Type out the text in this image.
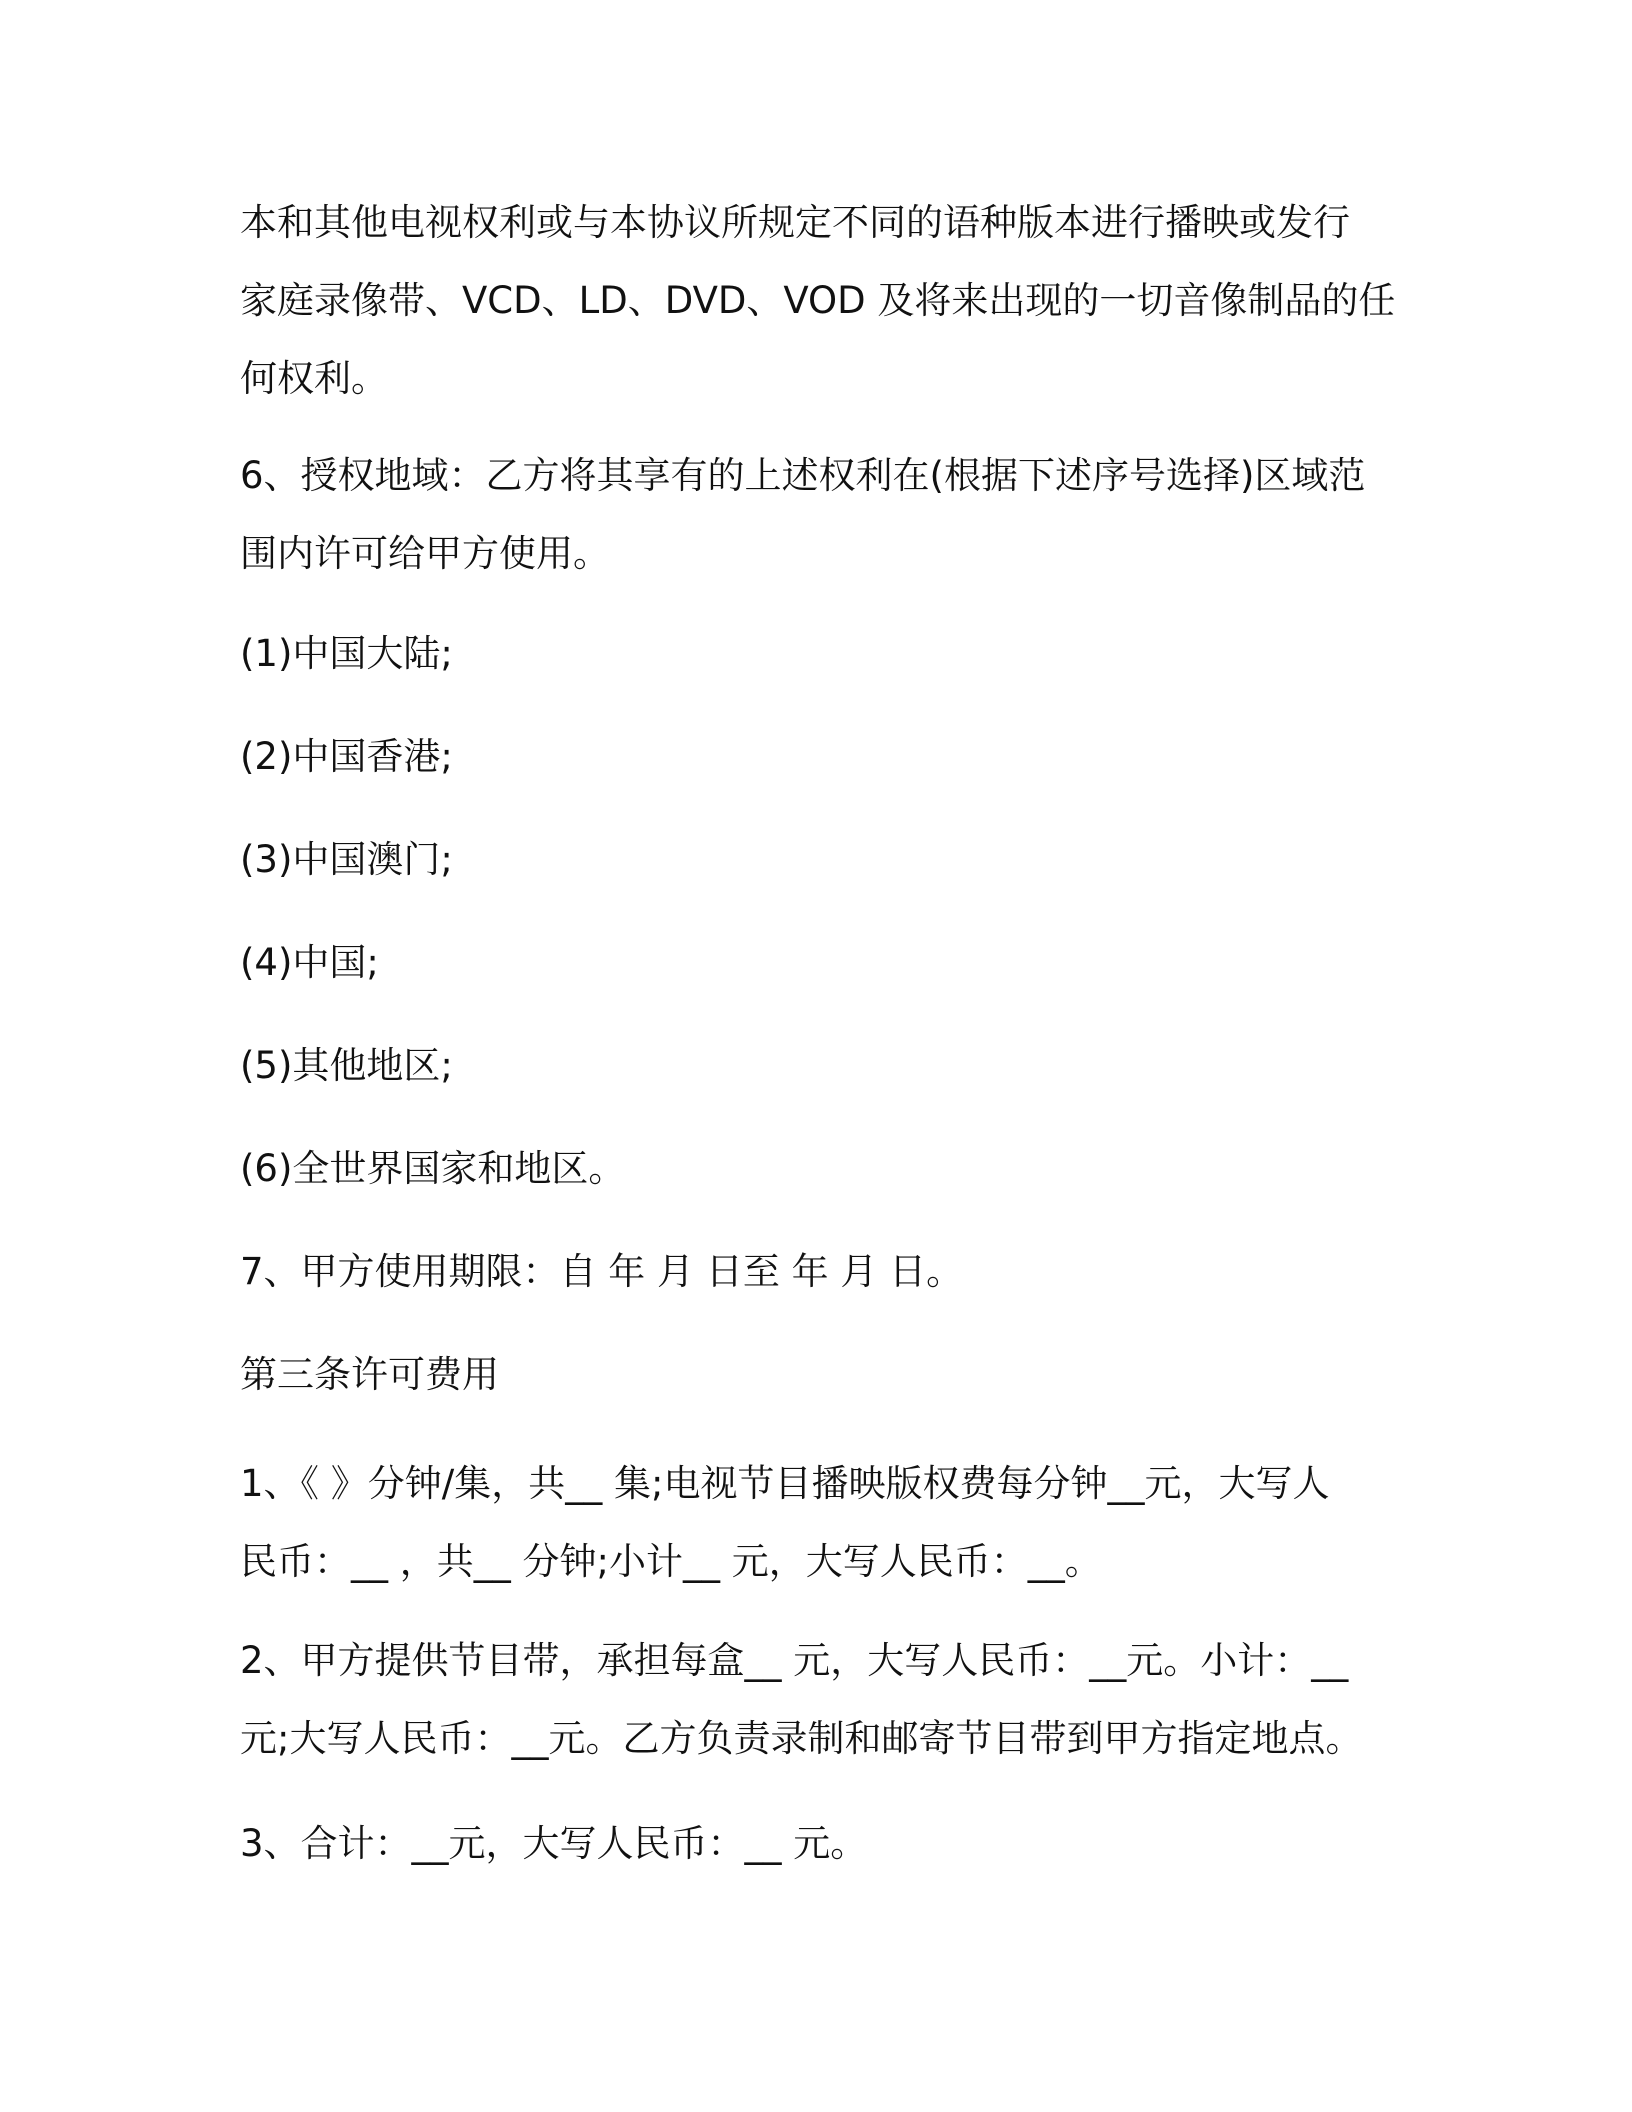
本和其他电视权利或与本协议所规定不同的语种版本进行播映或发行
家庭录像带、VCD、LD、DVD、VOD 及将来出现的一切音像制品的任
何权利。

6、授权地域：乙方将其享有的上述权利在(根据下述序号选择)区域范
围内许可给甲方使用。

(1)中国大陆;

(2)中国香港;

(3)中国澳门;

(4)中国;

(5)其他地区;

(6)全世界国家和地区。

7、甲方使用期限：自 年 月 日至 年 月 日。

第三条许可费用

1、《 》分钟/集，共__ 集;电视节目播映版权费每分钟__元，大写人
民币：__ ，共__ 分钟;小计__ 元，大写人民币：__。

2、甲方提供节目带，承担每盒__ 元，大写人民币：__元。小计：__
元;大写人民币：__元。乙方负责录制和邮寄节目带到甲方指定地点。

3、合计：__元，大写人民币：__ 元。
